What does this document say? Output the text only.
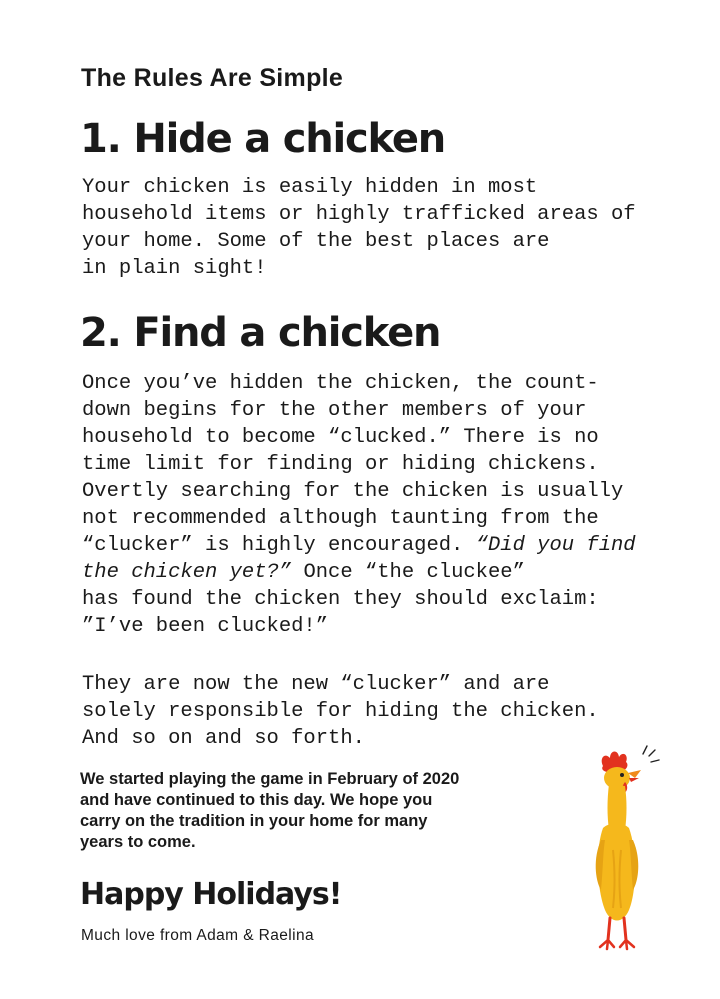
The Rules Are Simple
1. Hide a chicken

Your chicken is easily hidden in most
household items or highly trafficked areas of
your home. Some of the best places are
in plain sight!

2. Find a chicken

Once you’ve hidden the chicken, the count-
down begins for the other members of your
household to become “clucked.” There is no
time limit for finding or hiding chickens.
Overtly searching for the chicken is usually
not recommended although taunting from the
“clucker” is highly encouraged. “Did you find
the chicken yet?” Once “the cluckee”
has found the chicken they should exclaim:
”I’ve been clucked!”

They are now the new “clucker” and are
solely responsible for hiding the chicken.
And so on and so forth.

We started playing the game in February of 2020
and have continued to this day. We hope you
carry on the tradition in your home for many
years to come.

Happy Holidays!

Much love from Adam & Raelina
